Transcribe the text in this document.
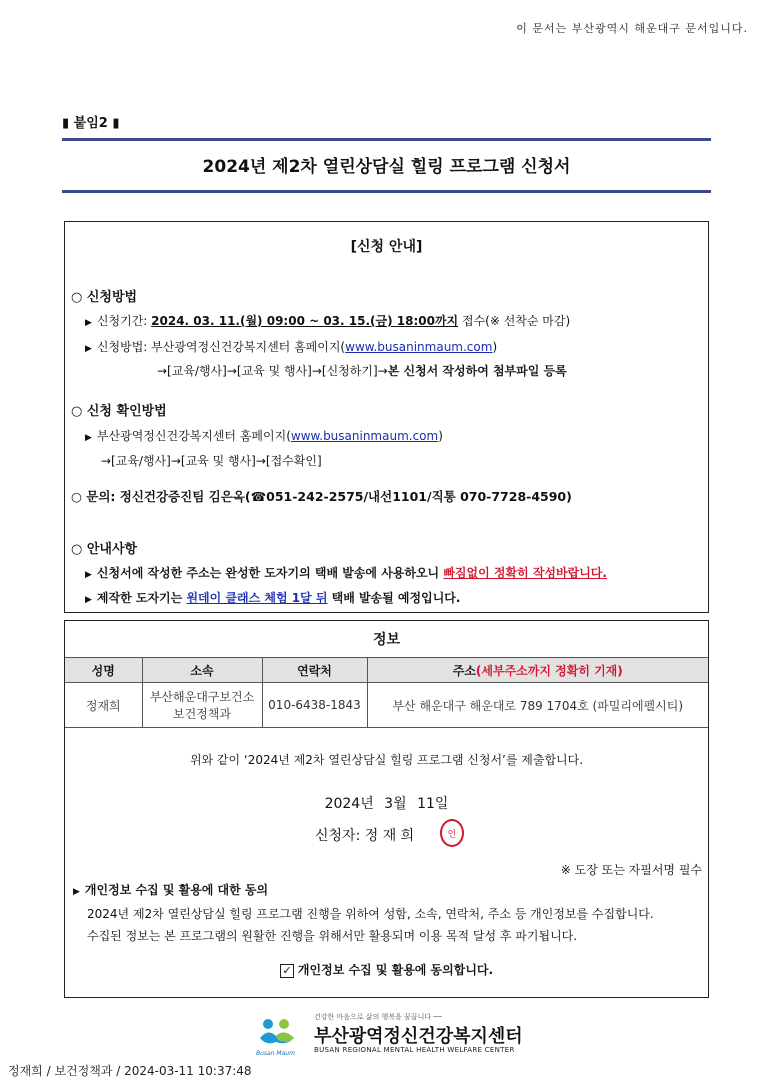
이 문서는 부산광역시 해운대구 문서입니다.
▮ 붙임2 ▮
2024년 제2차 열린상담실 힐링 프로그램 신청서
[신청 안내]
○ 신청방법
▶ 신청기간: 2024. 03. 11.(월) 09:00 ~ 03. 15.(금) 18:00까지 접수(※ 선착순 마감)
▶ 신청방법: 부산광역정신건강복지센터 홈페이지(www.busaninmaum.com)
→[교육/행사]→[교육 및 행사]→[신청하기]→본 신청서 작성하여 첨부파일 등록
○ 신청 확인방법
▶ 부산광역정신건강복지센터 홈페이지(www.busaninmaum.com)
→[교육/행사]→[교육 및 행사]→[접수확인]
○ 문의: 정신건강증진팀 김은옥(☎051-242-2575/내선1101/직통 070-7728-4590)
○ 안내사항
▶ 신청서에 작성한 주소는 완성한 도자기의 택배 발송에 사용하오니 빠짐없이 정확히 작성바랍니다.
▶ 제작한 도자기는 원데이 클래스 체험 1달 뒤 택배 발송될 예정입니다.
정보			
성명	소속	연락처	주소(세부주소까지 정확히 기재)
정재희	부산해운대구보건소
보건정책과	010-6438-1843	부산 해운대구 해운대로 789 1704호 (파밀리에펠시티)
위와 같이 ‘2024년 제2차 열린상담실 힐링 프로그램 신청서’를 제출합니다.
2024년 3월 11일
신청자: 정 재 희	인
※ 도장 또는 자필서명 필수
▶ 개인정보 수집 및 활용에 대한 동의
2024년 제2차 열린상담실 힐링 프로그램 진행을 위하여 성함, 소속, 연락처, 주소 등 개인정보를 수집합니다.
수집된 정보는 본 프로그램의 원활한 진행을 위해서만 활용되며 이용 목적 달성 후 파기됩니다.
✓ 개인정보 수집 및 활용에 동의합니다.
Busan Maum
건강한 마음으로 삶의 행복을 꿈꿉니다 ──
부산광역정신건강복지센터
BUSAN REGIONAL MENTAL HEALTH WELFARE CENTER
정재희 / 보건정책과 / 2024-03-11 10:37:48
